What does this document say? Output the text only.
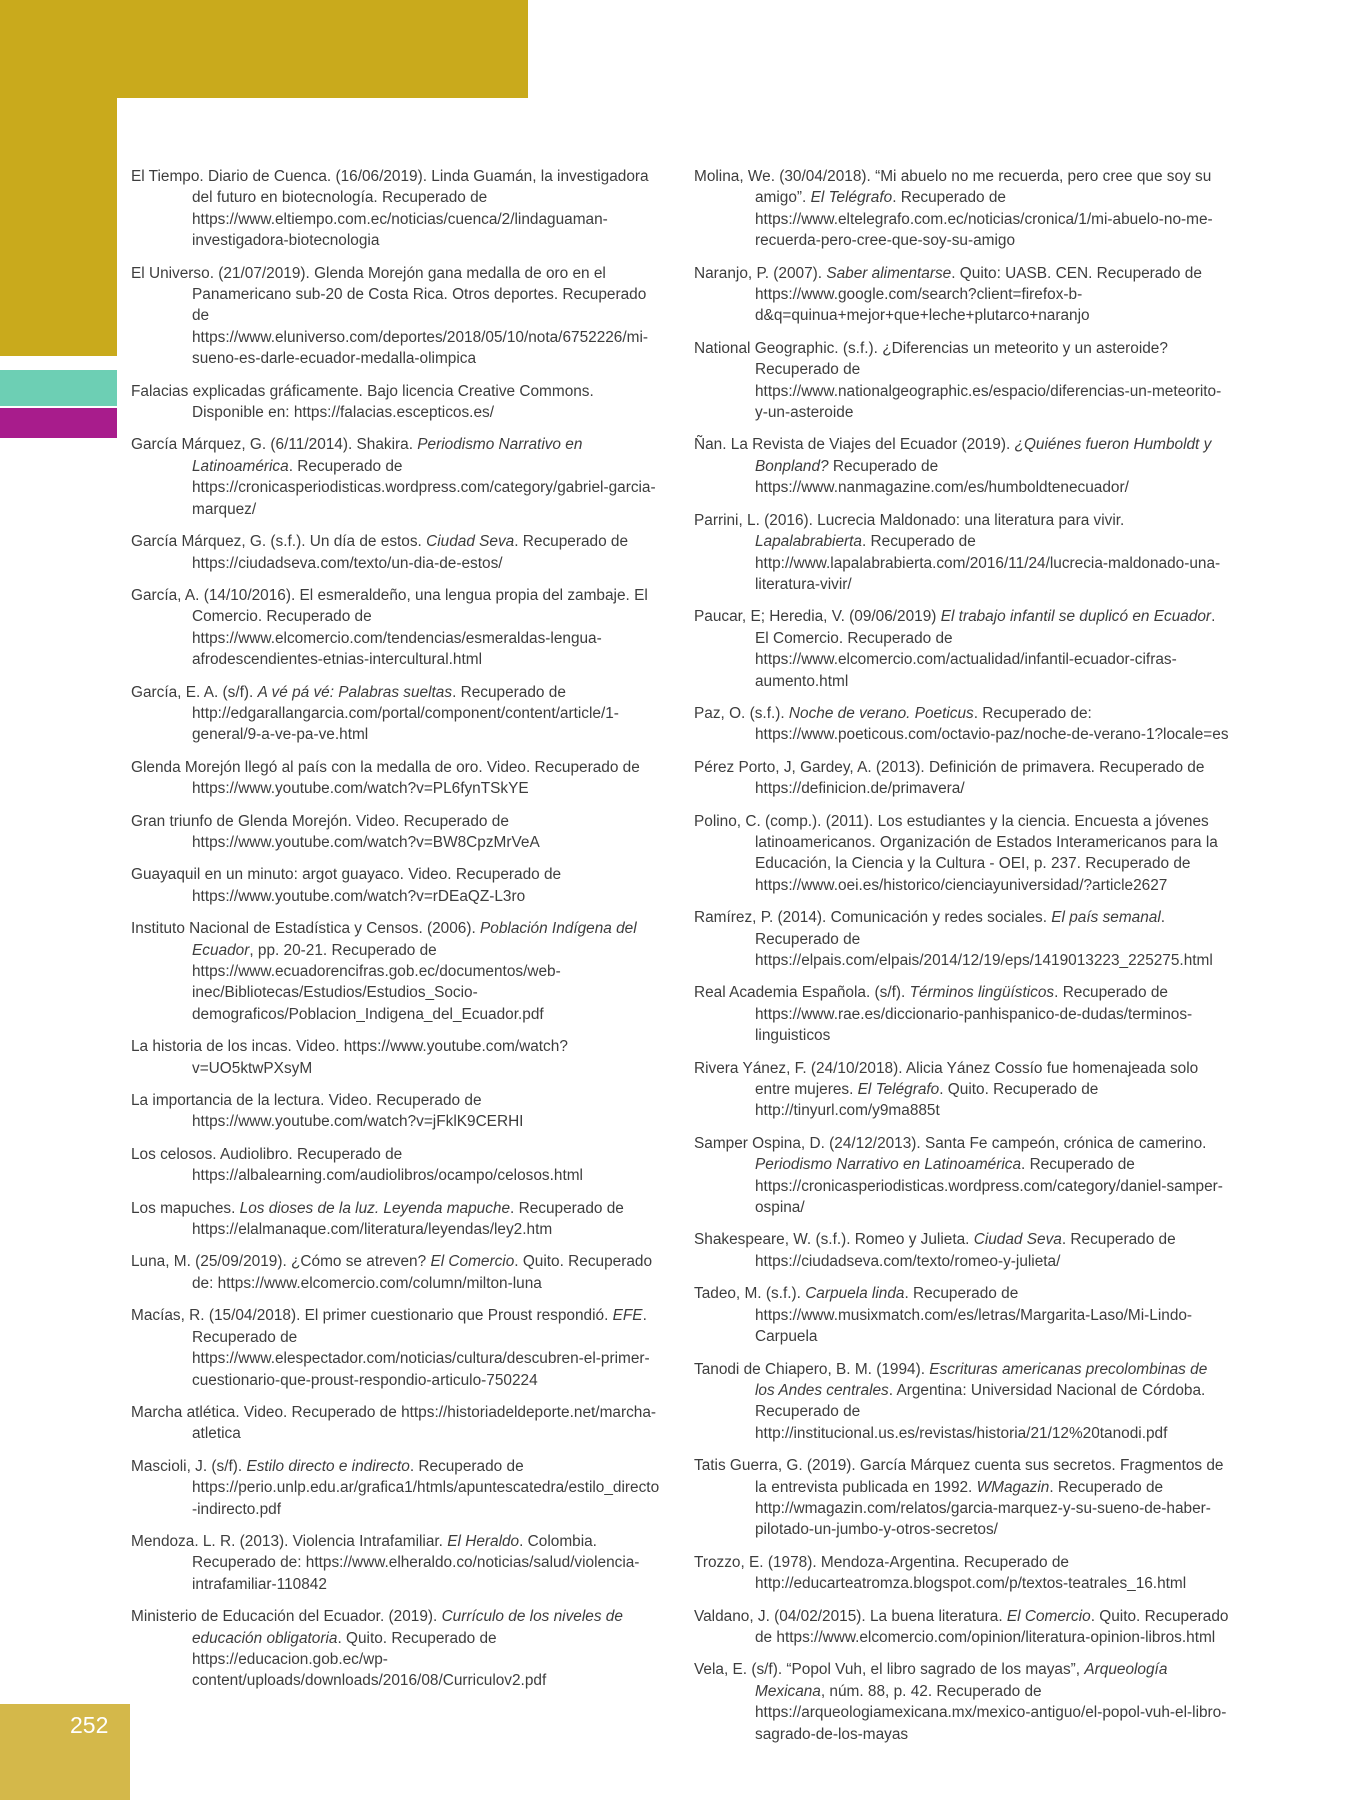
El Tiempo. Diario de Cuenca. (16/06/2019). Linda Guamán, la investigadora del futuro en biotecnología. Recuperado de https://www.eltiempo.com.ec/noticias/cuenca/2/lindaguaman-investigadora-biotecnologia

El Universo. (21/07/2019). Glenda Morejón gana medalla de oro en el Panamericano sub-20 de Costa Rica. Otros deportes. Recuperado de https://www.eluniverso.com/deportes/2018/05/10/nota/6752226/mi-sueno-es-darle-ecuador-medalla-olimpica

Falacias explicadas gráficamente. Bajo licencia Creative Commons. Disponible en: https://falacias.escepticos.es/

García Márquez, G. (6/11/2014). Shakira. Periodismo Narrativo en Latinoamérica. Recuperado de https://cronicasperiodisticas.wordpress.com/category/gabriel-garcia-marquez/

García Márquez, G. (s.f.). Un día de estos. Ciudad Seva. Recuperado de https://ciudadseva.com/texto/un-dia-de-estos/

García, A. (14/10/2016). El esmeraldeño, una lengua propia del zambaje. El Comercio. Recuperado de https://www.elcomercio.com/tendencias/esmeraldas-lengua-afrodescendientes-etnias-intercultural.html

García, E. A. (s/f). A vé pá vé: Palabras sueltas. Recuperado de http://edgarallangarcia.com/portal/component/content/article/1-general/9-a-ve-pa-ve.html

Glenda Morejón llegó al país con la medalla de oro. Video. Recuperado de https://www.youtube.com/watch?v=PL6fynTSkYE

Gran triunfo de Glenda Morejón. Video. Recuperado de https://www.youtube.com/watch?v=BW8CpzMrVeA

Guayaquil en un minuto: argot guayaco. Video. Recuperado de https://www.youtube.com/watch?v=rDEaQZ-L3ro

Instituto Nacional de Estadística y Censos. (2006). Población Indígena del Ecuador, pp. 20-21. Recuperado de https://www.ecuadorencifras.gob.ec/documentos/web-inec/Bibliotecas/Estudios/Estudios_Socio-demograficos/Poblacion_Indigena_del_Ecuador.pdf

La historia de los incas. Video. https://www.youtube.com/watch?v=UO5ktwPXsyM

La importancia de la lectura. Video. Recuperado de https://www.youtube.com/watch?v=jFklK9CERHI

Los celosos. Audiolibro. Recuperado de https://albalearning.com/audiolibros/ocampo/celosos.html

Los mapuches. Los dioses de la luz. Leyenda mapuche. Recuperado de https://elalmanaque.com/literatura/leyendas/ley2.htm

Luna, M. (25/09/2019). ¿Cómo se atreven? El Comercio. Quito. Recuperado de: https://www.elcomercio.com/column/milton-luna

Macías, R. (15/04/2018). El primer cuestionario que Proust respondió. EFE. Recuperado de https://www.elespectador.com/noticias/cultura/descubren-el-primer-cuestionario-que-proust-respondio-articulo-750224

Marcha atlética. Video. Recuperado de https://historiadeldeporte.net/marcha-atletica

Mascioli, J. (s/f). Estilo directo e indirecto. Recuperado de https://perio.unlp.edu.ar/grafica1/htmls/apuntescatedra/estilo_directo-indirecto.pdf

Mendoza. L. R. (2013). Violencia Intrafamiliar. El Heraldo. Colombia. Recuperado de: https://www.elheraldo.co/noticias/salud/violencia-intrafamiliar-110842

Ministerio de Educación del Ecuador. (2019). Currículo de los niveles de educación obligatoria. Quito. Recuperado de https://educacion.gob.ec/wp-content/uploads/downloads/2016/08/Curriculov2.pdf

Molina, We. (30/04/2018). “Mi abuelo no me recuerda, pero cree que soy su amigo”. El Telégrafo. Recuperado de https://www.eltelegrafo.com.ec/noticias/cronica/1/mi-abuelo-no-me-recuerda-pero-cree-que-soy-su-amigo

Naranjo, P. (2007). Saber alimentarse. Quito: UASB. CEN. Recuperado de https://www.google.com/search?client=firefox-b-d&q=quinua+mejor+que+leche+plutarco+naranjo

National Geographic. (s.f.). ¿Diferencias un meteorito y un asteroide? Recuperado de https://www.nationalgeographic.es/espacio/diferencias-un-meteorito-y-un-asteroide

Ñan. La Revista de Viajes del Ecuador (2019). ¿Quiénes fueron Humboldt y Bonpland? Recuperado de https://www.nanmagazine.com/es/humboldtenecuador/

Parrini, L. (2016). Lucrecia Maldonado: una literatura para vivir. Lapalabrabierta. Recuperado de http://www.lapalabrabierta.com/2016/11/24/lucrecia-maldonado-una-literatura-vivir/

Paucar, E; Heredia, V. (09/06/2019) El trabajo infantil se duplicó en Ecuador. El Comercio. Recuperado de https://www.elcomercio.com/actualidad/infantil-ecuador-cifras-aumento.html

Paz, O. (s.f.). Noche de verano. Poeticus. Recuperado de: https://www.poeticous.com/octavio-paz/noche-de-verano-1?locale=es

Pérez Porto, J, Gardey, A. (2013). Definición de primavera. Recuperado de https://definicion.de/primavera/

Polino, C. (comp.). (2011). Los estudiantes y la ciencia. Encuesta a jóvenes latinoamericanos. Organización de Estados Interamericanos para la Educación, la Ciencia y la Cultura - OEI, p. 237. Recuperado de https://www.oei.es/historico/cienciayuniversidad/?article2627

Ramírez, P. (2014). Comunicación y redes sociales. El país semanal. Recuperado de https://elpais.com/elpais/2014/12/19/eps/1419013223_225275.html

Real Academia Española. (s/f). Términos lingüísticos. Recuperado de https://www.rae.es/diccionario-panhispanico-de-dudas/terminos-linguisticos

Rivera Yánez, F. (24/10/2018). Alicia Yánez Cossío fue homenajeada solo entre mujeres. El Telégrafo. Quito. Recuperado de http://tinyurl.com/y9ma885t

Samper Ospina, D. (24/12/2013). Santa Fe campeón, crónica de camerino. Periodismo Narrativo en Latinoamérica. Recuperado de https://cronicasperiodisticas.wordpress.com/category/daniel-samper-ospina/

Shakespeare, W. (s.f.). Romeo y Julieta. Ciudad Seva. Recuperado de https://ciudadseva.com/texto/romeo-y-julieta/

Tadeo, M. (s.f.). Carpuela linda. Recuperado de https://www.musixmatch.com/es/letras/Margarita-Laso/Mi-Lindo-Carpuela

Tanodi de Chiapero, B. M. (1994). Escrituras americanas precolombinas de los Andes centrales. Argentina: Universidad Nacional de Córdoba. Recuperado de http://institucional.us.es/revistas/historia/21/12%20tanodi.pdf

Tatis Guerra, G. (2019). García Márquez cuenta sus secretos. Fragmentos de la entrevista publicada en 1992. WMagazin. Recuperado de http://wmagazin.com/relatos/garcia-marquez-y-su-sueno-de-haber-pilotado-un-jumbo-y-otros-secretos/

Trozzo, E. (1978). Mendoza-Argentina. Recuperado de http://educarteatromza.blogspot.com/p/textos-teatrales_16.html

Valdano, J. (04/02/2015). La buena literatura. El Comercio. Quito. Recuperado de https://www.elcomercio.com/opinion/literatura-opinion-libros.html

Vela, E. (s/f). “Popol Vuh, el libro sagrado de los mayas”, Arqueología Mexicana, núm. 88, p. 42. Recuperado de https://arqueologiamexicana.mx/mexico-antiguo/el-popol-vuh-el-libro-sagrado-de-los-mayas

252
